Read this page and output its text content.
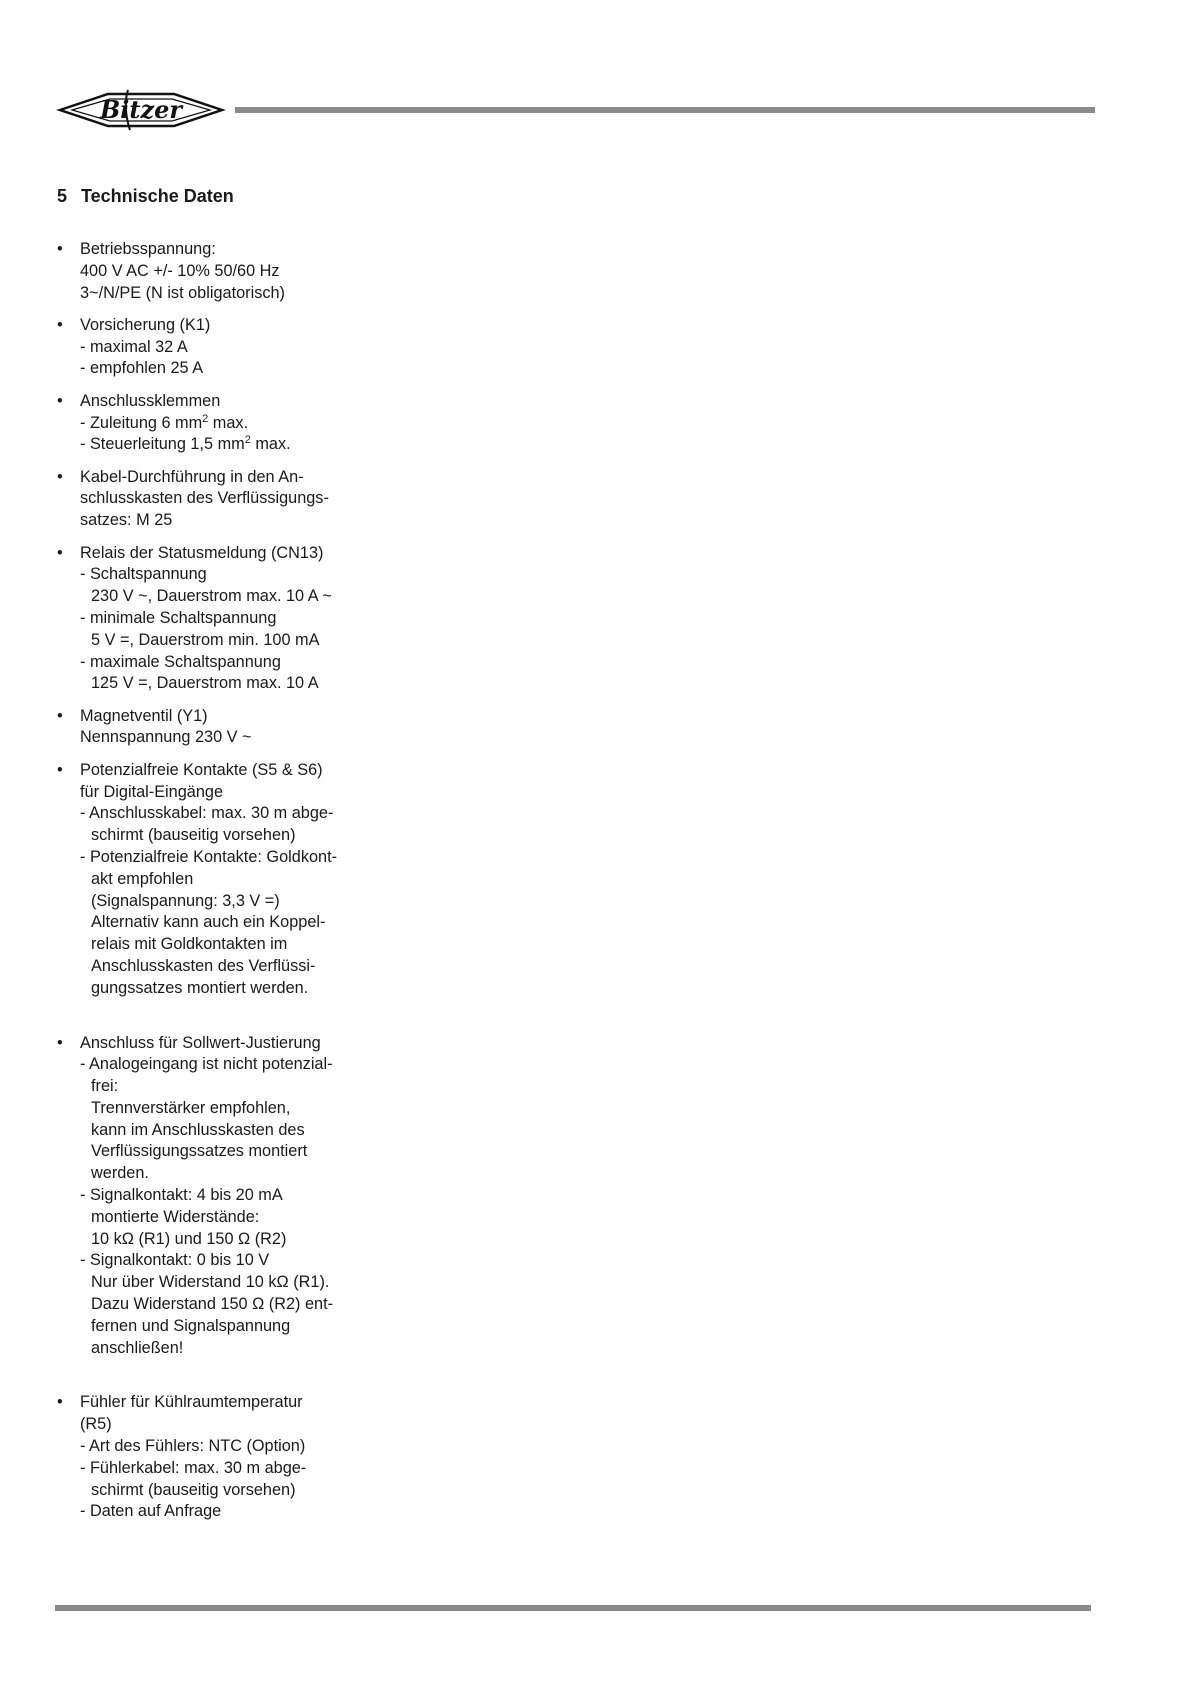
Bitzer
5 Technische Daten
• Betriebsspannung:
400 V AC +/- 10% 50/60 Hz
3~/N/PE (N ist obligatorisch)
• Vorsicherung (K1)
- maximal 32 A
- empfohlen 25 A
• Anschlussklemmen
- Zuleitung 6 $mm^2$ max.
- Steuerleitung 1,5 $mm^2$ max.
• Kabel-Durchführung in den An-
schlusskasten des Verflüssigungs-
satzes: M 25
• Relais der Statusmeldung (CN13)
- Schaltspannung
230 V ~, Dauerstrom max. 10 A ~
- minimale Schaltspannung
5 V =, Dauerstrom min. 100 mA
- maximale Schaltspannung
125 V =, Dauerstrom max. 10 A
• Magnetventil (Y1)
Nennspannung 230 V ~
• Potenzialfreie Kontakte (S5 & S6)
für Digital-Eingänge
- Anschlusskabel: max. 30 m abge-
schirmt (bauseitig vorsehen)
- Potenzialfreie Kontakte: Goldkont-
akt empfohlen
(Signalspannung: 3,3 V =)
Alternativ kann auch ein Koppel-
relais mit Goldkontakten im
Anschlusskasten des Verflüssi-
gungssatzes montiert werden.
• Anschluss für Sollwert-Justierung
- Analogeingang ist nicht potenzial-
frei:
Trennverstärker empfohlen,
kann im Anschlusskasten des
Verflüssigungssatzes montiert
werden.
- Signalkontakt: 4 bis 20 mA
montierte Widerstände:
10 kΩ (R1) und 150 Ω (R2)
- Signalkontakt: 0 bis 10 V
Nur über Widerstand 10 kΩ (R1).
Dazu Widerstand 150 Ω (R2) ent-
fernen und Signalspannung
anschließen!
• Fühler für Kühlraumtemperatur
(R5)
- Art des Fühlers: NTC (Option)
- Fühlerkabel: max. 30 m abge-
schirmt (bauseitig vorsehen)
- Daten auf Anfrage
